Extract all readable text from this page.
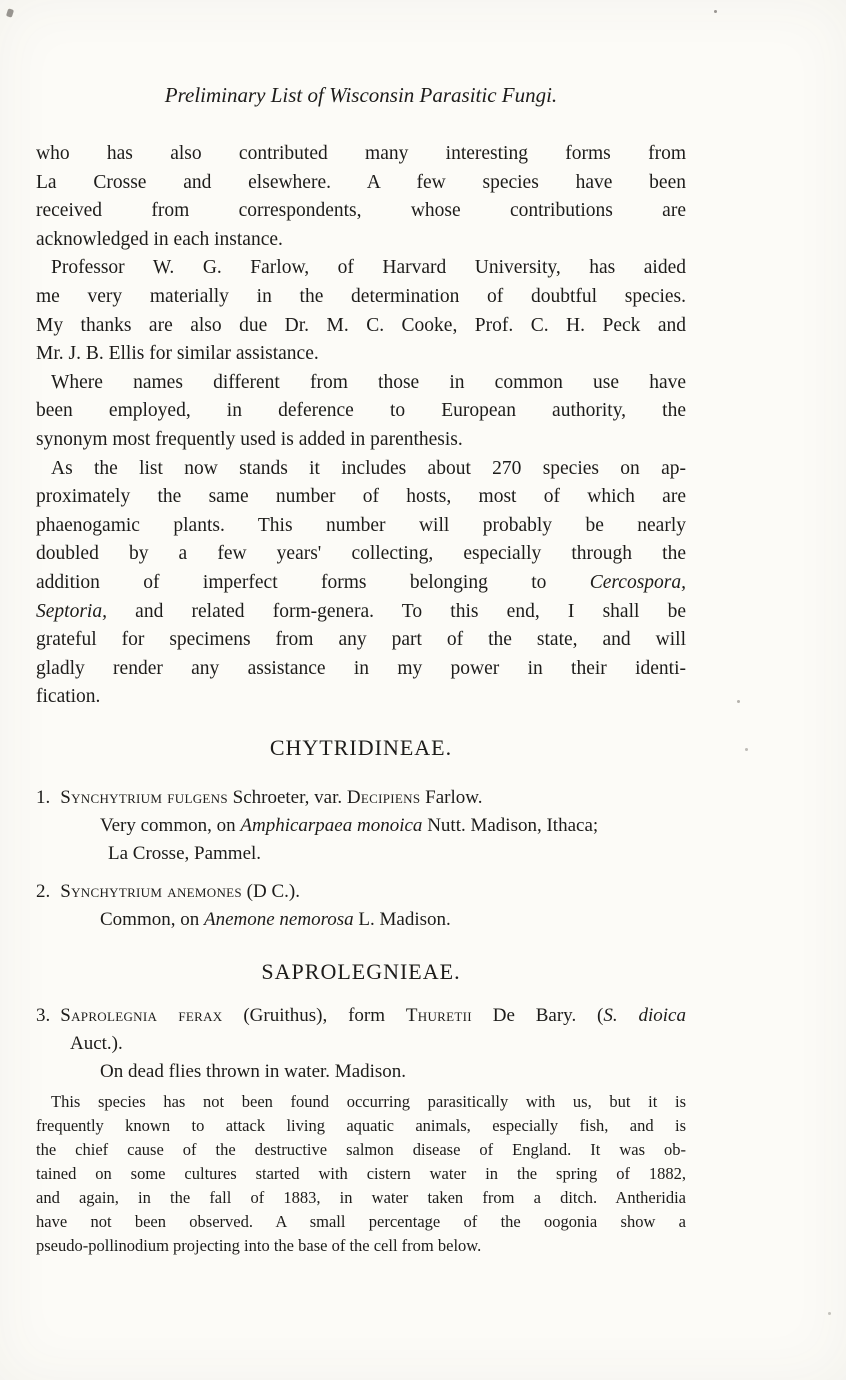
Preliminary List of Wisconsin Parasitic Fungi.
who has also contributed many interesting forms from
La Crosse and elsewhere. A few species have been
received from correspondents, whose contributions are
acknowledged in each instance.
Professor W. G. Farlow, of Harvard University, has aided
me very materially in the determination of doubtful species.
My thanks are also due Dr. M. C. Cooke, Prof. C. H. Peck and
Mr. J. B. Ellis for similar assistance.
Where names different from those in common use have
been employed, in deference to European authority, the
synonym most frequently used is added in parenthesis.
As the list now stands it includes about 270 species on ap-
proximately the same number of hosts, most of which are
phaenogamic plants. This number will probably be nearly
doubled by a few years' collecting, especially through the
addition of imperfect forms belonging to Cercospora,
Septoria, and related form-genera. To this end, I shall be
grateful for specimens from any part of the state, and will
gladly render any assistance in my power in their identi-
fication.
CHYTRIDINEAE.
1. Synchytrium fulgens Schroeter, var. Decipiens Farlow.
Very common, on Amphicarpaea monoica Nutt. Madison, Ithaca;
La Crosse, Pammel.
2. Synchytrium anemones (D C.).
Common, on Anemone nemorosa L. Madison.
SAPROLEGNIEAE.
3. Saprolegnia ferax (Gruithus), form Thuretii De Bary. (S. dioica
Auct.).
On dead flies thrown in water. Madison.
This species has not been found occurring parasitically with us, but it is
frequently known to attack living aquatic animals, especially fish, and is
the chief cause of the destructive salmon disease of England. It was ob-
tained on some cultures started with cistern water in the spring of 1882,
and again, in the fall of 1883, in water taken from a ditch. Antheridia
have not been observed. A small percentage of the oogonia show a
pseudo-pollinodium projecting into the base of the cell from below.
